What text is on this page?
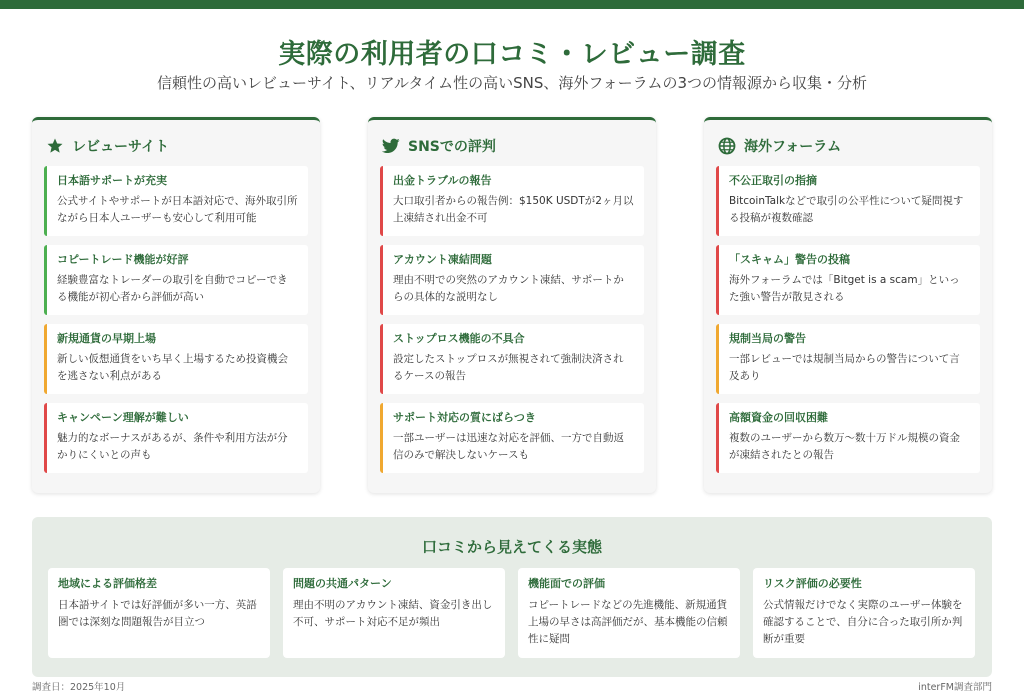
実際の利用者の口コミ・レビュー調査

信頼性の高いレビューサイト、リアルタイム性の高いSNS、海外フォーラムの3つの情報源から収集・分析

レビューサイト
日本語サポートが充実
公式サイトやサポートが日本語対応で、海外取引所ながら日本人ユーザーも安心して利用可能
コピートレード機能が好評
経験豊富なトレーダーの取引を自動でコピーできる機能が初心者から評価が高い
新規通貨の早期上場
新しい仮想通貨をいち早く上場するため投資機会を逃さない利点がある
キャンペーン理解が難しい
魅力的なボーナスがあるが、条件や利用方法が分かりにくいとの声も
SNSでの評判
出金トラブルの報告
大口取引者からの報告例：$150K USDTが2ヶ月以上凍結され出金不可
アカウント凍結問題
理由不明での突然のアカウント凍結、サポートからの具体的な説明なし
ストップロス機能の不具合
設定したストップロスが無視されて強制決済されるケースの報告
サポート対応の質にばらつき
一部ユーザーは迅速な対応を評価、一方で自動返信のみで解決しないケースも
海外フォーラム
不公正取引の指摘
BitcoinTalkなどで取引の公平性について疑問視する投稿が複数確認
「スキャム」警告の投稿
海外フォーラムでは「Bitget is a scam」といった強い警告が散見される
規制当局の警告
一部レビューでは規制当局からの警告について言及あり
高額資金の回収困難
複数のユーザーから数万〜数十万ドル規模の資金が凍結されたとの報告
口コミから見えてくる実態
地域による評価格差
日本語サイトでは好評価が多い一方、英語圏では深刻な問題報告が目立つ
問題の共通パターン
理由不明のアカウント凍結、資金引き出し不可、サポート対応不足が頻出
機能面での評価
コピートレードなどの先進機能、新規通貨上場の早さは高評価だが、基本機能の信頼性に疑問
リスク評価の必要性
公式情報だけでなく実際のユーザー体験を確認することで、自分に合った取引所か判断が重要
調査日：2025年10月	interFM調査部門
